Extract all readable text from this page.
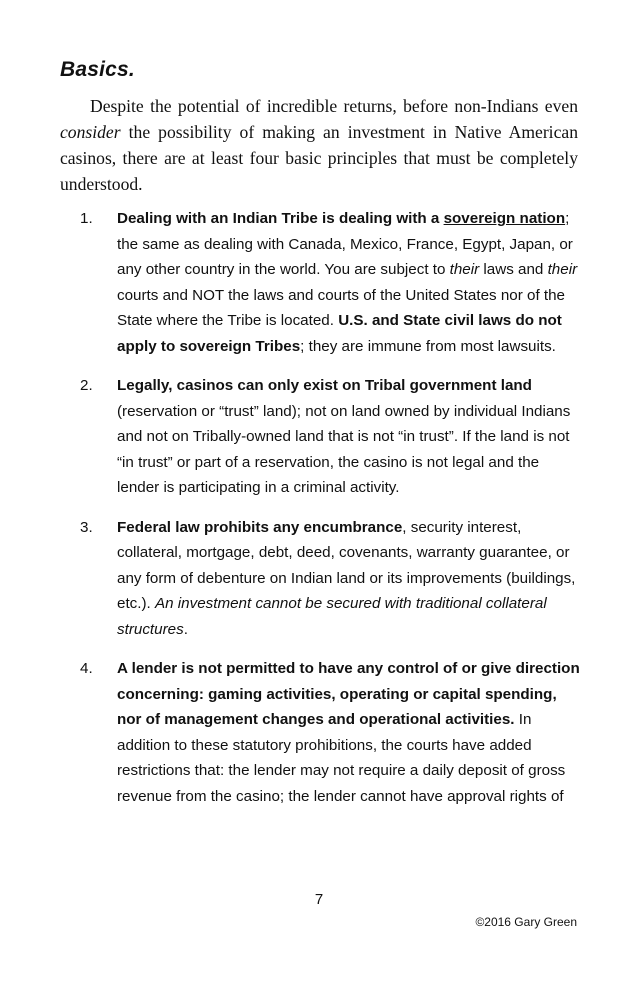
Basics.

Despite the potential of incredible returns, before non-Indians even consider the possibility of making an investment in Native American casinos, there are at least four basic principles that must be completely understood.

1. Dealing with an Indian Tribe is dealing with a sovereign nation; the same as dealing with Canada, Mexico, France, Egypt, Japan, or any other country in the world. You are subject to their laws and their courts and NOT the laws and courts of the United States nor of the State where the Tribe is located. U.S. and State civil laws do not apply to sovereign Tribes; they are immune from most lawsuits.
2. Legally, casinos can only exist on Tribal government land (reservation or “trust” land); not on land owned by individual Indians and not on Tribally-owned land that is not “in trust”. If the land is not “in trust” or part of a reservation, the casino is not legal and the lender is participating in a criminal activity.
3. Federal law prohibits any encumbrance, security interest, collateral, mortgage, debt, deed, covenants, warranty guarantee, or any form of debenture on Indian land or its improvements (buildings, etc.). An investment cannot be secured with traditional collateral structures.
4. A lender is not permitted to have any control of or give direction concerning: gaming activities, operating or capital spending, nor of management changes and operational activities. In addition to these statutory prohibitions, the courts have added restrictions that: the lender may not require a daily deposit of gross revenue from the casino; the lender cannot have approval rights of
7
©2016 Gary Green
